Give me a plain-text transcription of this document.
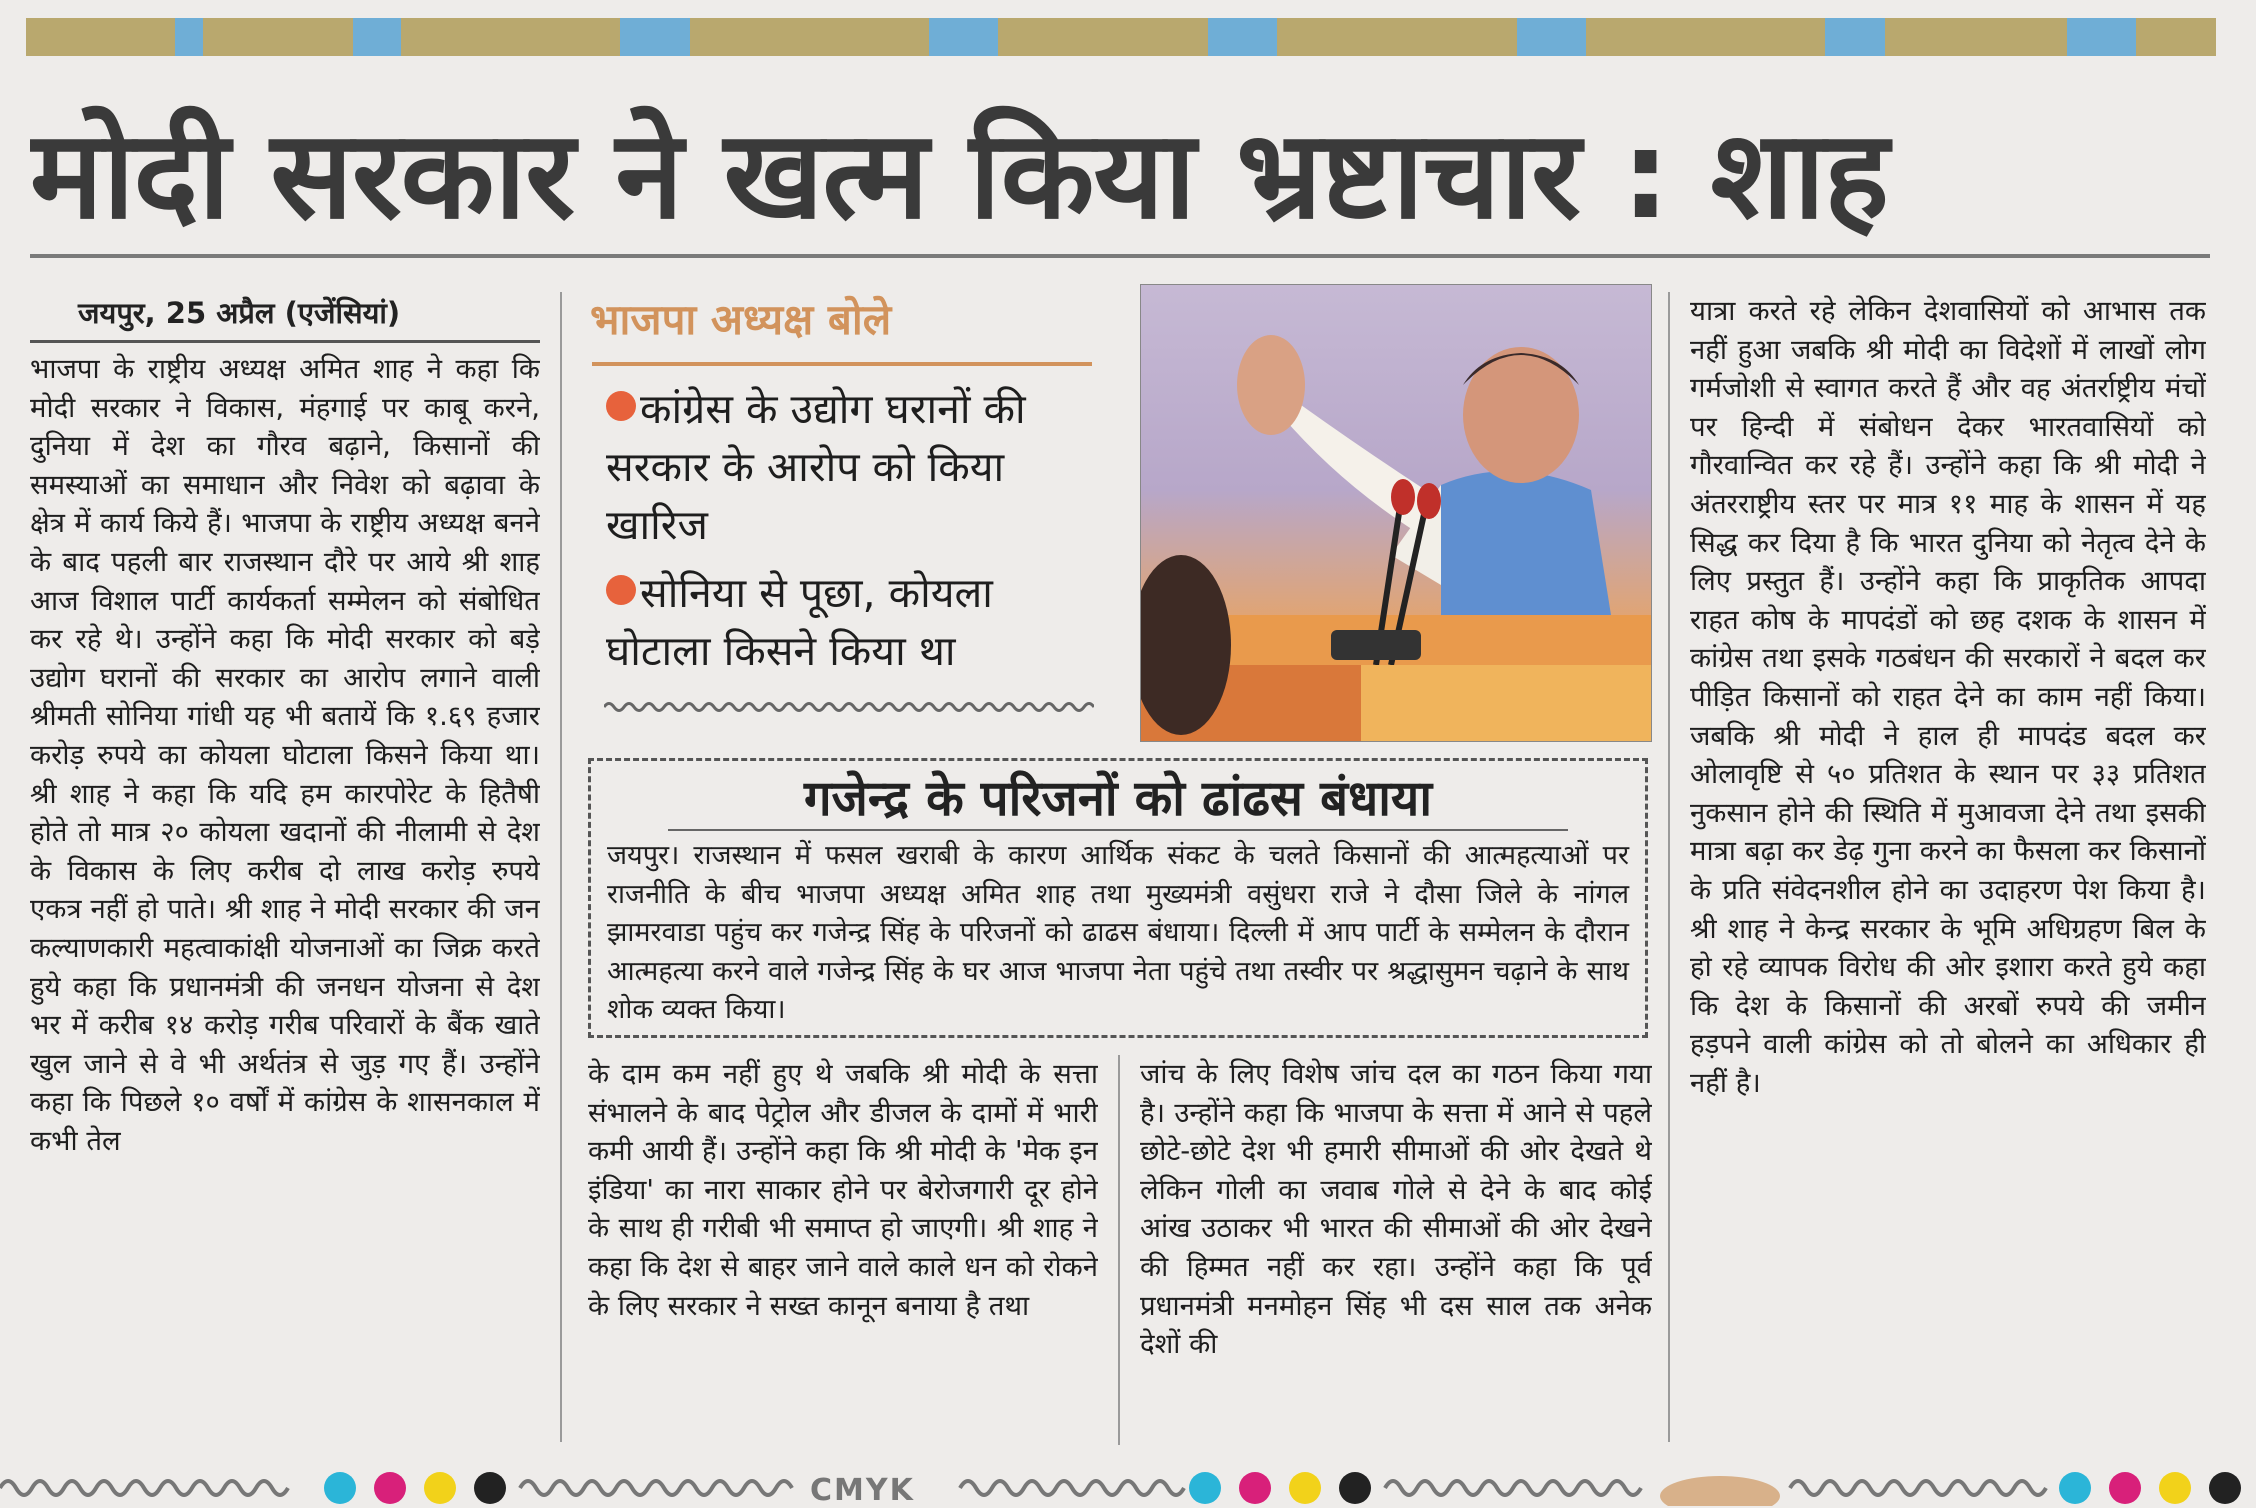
मोदी सरकार ने खत्म किया भ्रष्टाचार : शाह
जयपुर, 25 अप्रैल (एजेंसियां)

भाजपा के राष्ट्रीय अध्यक्ष अमित शाह ने कहा कि मोदी सरकार ने विकास, मंहगाई पर काबू करने, दुनिया में देश का गौरव बढ़ाने, किसानों की समस्याओं का समाधान और निवेश को बढ़ावा के क्षेत्र में कार्य किये हैं। भाजपा के राष्ट्रीय अध्यक्ष बनने के बाद पहली बार राजस्थान दौरे पर आये श्री शाह आज विशाल पार्टी कार्यकर्ता सम्मेलन को संबोधित कर रहे थे। उन्होंने कहा कि मोदी सरकार को बड़े उद्योग घरानों की सरकार का आरोप लगाने वाली श्रीमती सोनिया गांधी यह भी बतायें कि १.६९ हजार करोड़ रुपये का कोयला घोटाला किसने किया था। श्री शाह ने कहा कि यदि हम कारपोरेट के हितैषी होते तो मात्र २० कोयला खदानों की नीलामी से देश के विकास के लिए करीब दो लाख करोड़ रुपये एकत्र नहीं हो पाते। श्री शाह ने मोदी सरकार की जन कल्याणकारी महत्वाकांक्षी योजनाओं का जिक्र करते हुये कहा कि प्रधानमंत्री की जनधन योजना से देश भर में करीब १४ करोड़ गरीब परिवारों के बैंक खाते खुल जाने से वे भी अर्थतंत्र से जुड़ गए हैं। उन्होंने कहा कि पिछले १० वर्षों में कांग्रेस के शासनकाल में कभी तेल

भाजपा अध्यक्ष बोले
कांग्रेस के उद्योग घरानों की सरकार के आरोप को किया खारिज
सोनिया से पूछा, कोयला घोटाला किसने किया था
गजेन्द्र के परिजनों को ढांढस बंधाया
जयपुर। राजस्थान में फसल खराबी के कारण आर्थिक संकट के चलते किसानों की आत्महत्याओं पर राजनीति के बीच भाजपा अध्यक्ष अमित शाह तथा मुख्यमंत्री वसुंधरा राजे ने दौसा जिले के नांगल झामरवाडा पहुंच कर गजेन्द्र सिंह के परिजनों को ढाढस बंधाया। दिल्ली में आप पार्टी के सम्मेलन के दौरान आत्महत्या करने वाले गजेन्द्र सिंह के घर आज भाजपा नेता पहुंचे तथा तस्वीर पर श्रद्धासुमन चढ़ाने के साथ शोक व्यक्त किया।

के दाम कम नहीं हुए थे जबकि श्री मोदी के सत्ता संभालने के बाद पेट्रोल और डीजल के दामों में भारी कमी आयी हैं। उन्होंने कहा कि श्री मोदी के 'मेक इन इंडिया' का नारा साकार होने पर बेरोजगारी दूर होने के साथ ही गरीबी भी समाप्त हो जाएगी। श्री शाह ने कहा कि देश से बाहर जाने वाले काले धन को रोकने के लिए सरकार ने सख्त कानून बनाया है तथा

जांच के लिए विशेष जांच दल का गठन किया गया है। उन्होंने कहा कि भाजपा के सत्ता में आने से पहले छोटे-छोटे देश भी हमारी सीमाओं की ओर देखते थे लेकिन गोली का जवाब गोले से देने के बाद कोई आंख उठाकर भी भारत की सीमाओं की ओर देखने की हिम्मत नहीं कर रहा। उन्होंने कहा कि पूर्व प्रधानमंत्री मनमोहन सिंह भी दस साल तक अनेक देशों की

यात्रा करते रहे लेकिन देशवासियों को आभास तक नहीं हुआ जबकि श्री मोदी का विदेशों में लाखों लोग गर्मजोशी से स्वागत करते हैं और वह अंतर्राष्ट्रीय मंचों पर हिन्दी में संबोधन देकर भारतवासियों को गौरवान्वित कर रहे हैं। उन्होंने कहा कि श्री मोदी ने अंतरराष्ट्रीय स्तर पर मात्र ११ माह के शासन में यह सिद्ध कर दिया है कि भारत दुनिया को नेतृत्व देने के लिए प्रस्तुत हैं। उन्होंने कहा कि प्राकृतिक आपदा राहत कोष के मापदंडों को छह दशक के शासन में कांग्रेस तथा इसके गठबंधन की सरकारों ने बदल कर पीड़ित किसानों को राहत देने का काम नहीं किया। जबकि श्री मोदी ने हाल ही मापदंड बदल कर ओलावृष्टि से ५० प्रतिशत के स्थान पर ३३ प्रतिशत नुकसान होने की स्थिति में मुआवजा देने तथा इसकी मात्रा बढ़ा कर डेढ़ गुना करने का फैसला कर किसानों के प्रति संवेदनशील होने का उदाहरण पेश किया है। श्री शाह ने केन्द्र सरकार के भूमि अधिग्रहण बिल के हो रहे व्यापक विरोध की ओर इशारा करते हुये कहा कि देश के किसानों की अरबों रुपये की जमीन हड़पने वाली कांग्रेस को तो बोलने का अधिकार ही नहीं है।

CMYK
